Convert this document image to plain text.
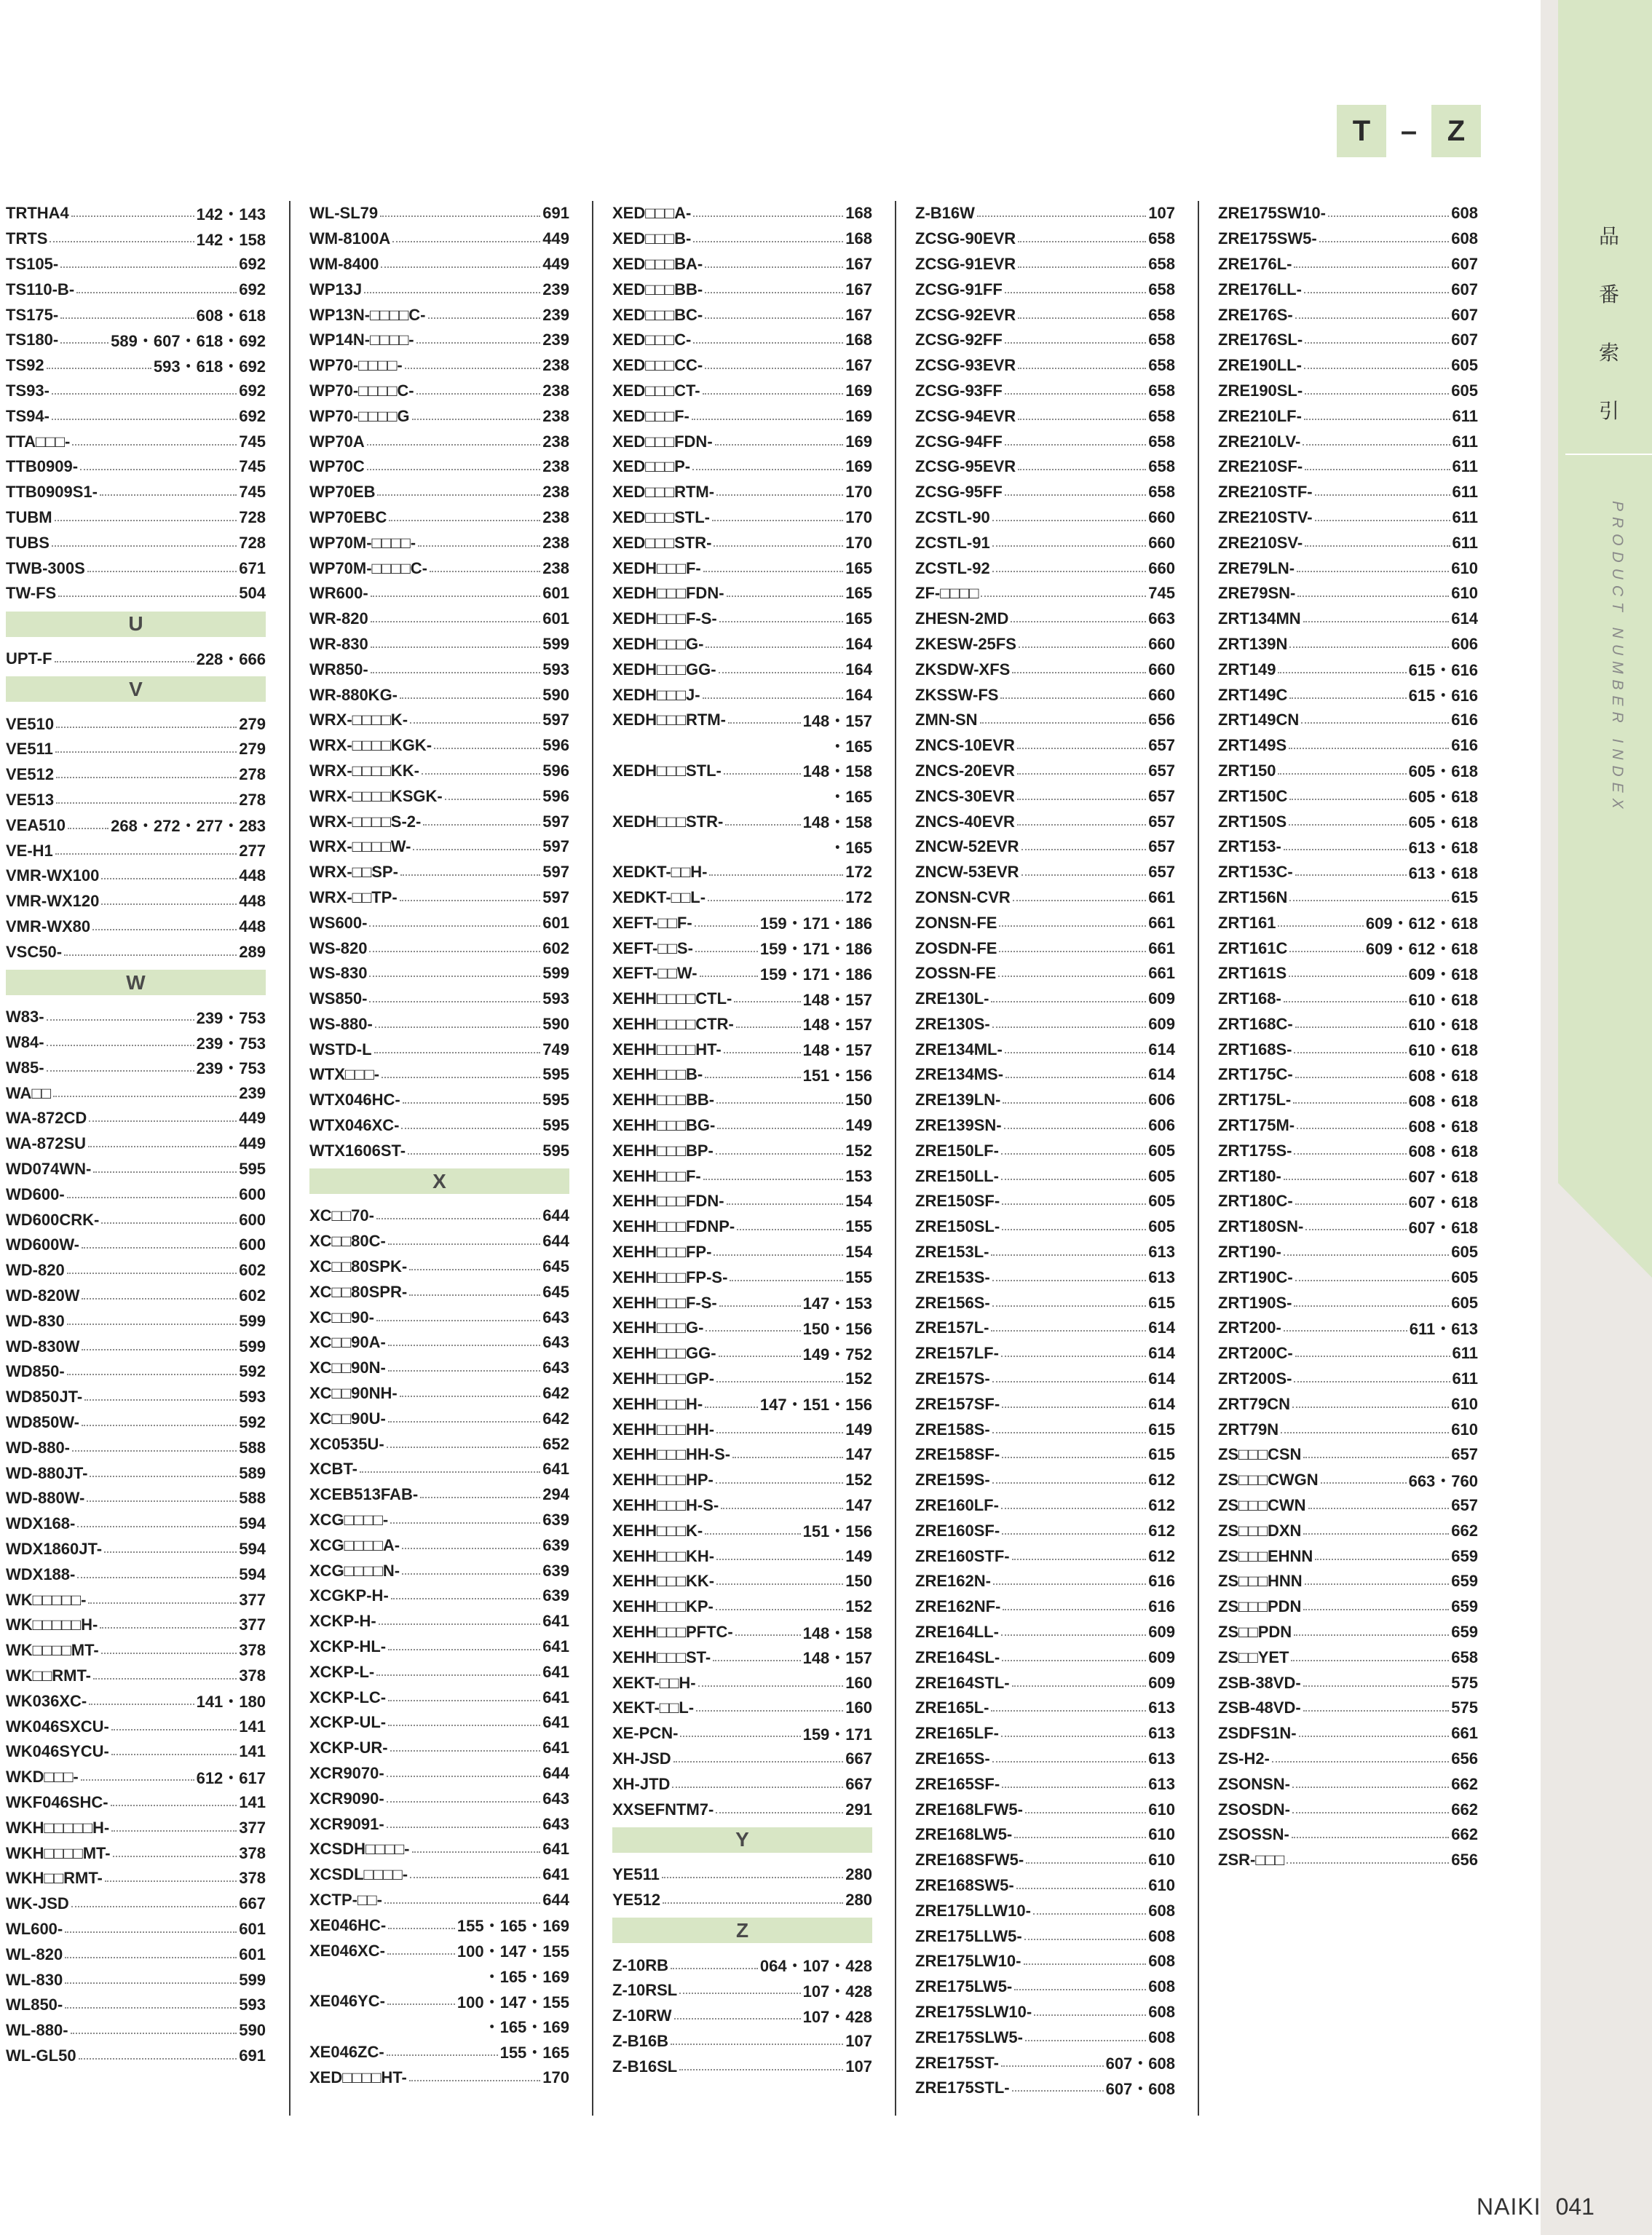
品
番
索
引
PRODUCT NUMBER INDEX
T	–	Z
TRTHA4	142・143
TRTS	142・158
TS105-	692
TS110-B-	692
TS175-	608・618
TS180-	589・607・618・692
TS92	593・618・692
TS93-	692
TS94-	692
TTA□□□-	745
TTB0909-	745
TTB0909S1-	745
TUBM	728
TUBS	728
TWB-300S	671
TW-FS	504
U
UPT-F	228・666
V
VE510	279
VE511	279
VE512	278
VE513	278
VEA510	268・272・277・283
VE-H1	277
VMR-WX100	448
VMR-WX120	448
VMR-WX80	448
VSC50-	289
W
W83-	239・753
W84-	239・753
W85-	239・753
WA□□	239
WA-872CD	449
WA-872SU	449
WD074WN-	595
WD600-	600
WD600CRK-	600
WD600W-	600
WD-820	602
WD-820W	602
WD-830	599
WD-830W	599
WD850-	592
WD850JT-	593
WD850W-	592
WD-880-	588
WD-880JT-	589
WD-880W-	588
WDX168-	594
WDX1860JT-	594
WDX188-	594
WK□□□□□-	377
WK□□□□□H-	377
WK□□□□MT-	378
WK□□RMT-	378
WK036XC-	141・180
WK046SXCU-	141
WK046SYCU-	141
WKD□□□-	612・617
WKF046SHC-	141
WKH□□□□□H-	377
WKH□□□□MT-	378
WKH□□RMT-	378
WK-JSD	667
WL600-	601
WL-820	601
WL-830	599
WL850-	593
WL-880-	590
WL-GL50	691
WL-SL79	691
WM-8100A	449
WM-8400	449
WP13J	239
WP13N-□□□□C-	239
WP14N-□□□□-	239
WP70-□□□□-	238
WP70-□□□□C-	238
WP70-□□□□G	238
WP70A	238
WP70C	238
WP70EB	238
WP70EBC	238
WP70M-□□□□-	238
WP70M-□□□□C-	238
WR600-	601
WR-820	601
WR-830	599
WR850-	593
WR-880KG-	590
WRX-□□□□K-	597
WRX-□□□□KGK-	596
WRX-□□□□KK-	596
WRX-□□□□KSGK-	596
WRX-□□□□S-2-	597
WRX-□□□□W-	597
WRX-□□SP-	597
WRX-□□TP-	597
WS600-	601
WS-820	602
WS-830	599
WS850-	593
WS-880-	590
WSTD-L	749
WTX□□□-	595
WTX046HC-	595
WTX046XC-	595
WTX1606ST-	595
X
XC□□70-	644
XC□□80C-	644
XC□□80SPK-	645
XC□□80SPR-	645
XC□□90-	643
XC□□90A-	643
XC□□90N-	643
XC□□90NH-	642
XC□□90U-	642
XC0535U-	652
XCBT-	641
XCEB513FAB-	294
XCG□□□□-	639
XCG□□□□A-	639
XCG□□□□N-	639
XCGKP-H-	639
XCKP-H-	641
XCKP-HL-	641
XCKP-L-	641
XCKP-LC-	641
XCKP-UL-	641
XCKP-UR-	641
XCR9070-	644
XCR9090-	643
XCR9091-	643
XCSDH□□□□-	641
XCSDL□□□□-	641
XCTP-□□-	644
XE046HC-	155・165・169
XE046XC-	100・147・155
・165・169
XE046YC-	100・147・155
・165・169
XE046ZC-	155・165
XED□□□□HT-	170
XED□□□A-	168
XED□□□B-	168
XED□□□BA-	167
XED□□□BB-	167
XED□□□BC-	167
XED□□□C-	168
XED□□□CC-	167
XED□□□CT-	169
XED□□□F-	169
XED□□□FDN-	169
XED□□□P-	169
XED□□□RTM-	170
XED□□□STL-	170
XED□□□STR-	170
XEDH□□□F-	165
XEDH□□□FDN-	165
XEDH□□□F-S-	165
XEDH□□□G-	164
XEDH□□□GG-	164
XEDH□□□J-	164
XEDH□□□RTM-	148・157
・165
XEDH□□□STL-	148・158
・165
XEDH□□□STR-	148・158
・165
XEDKT-□□H-	172
XEDKT-□□L-	172
XEFT-□□F-	159・171・186
XEFT-□□S-	159・171・186
XEFT-□□W-	159・171・186
XEHH□□□□CTL-	148・157
XEHH□□□□CTR-	148・157
XEHH□□□□HT-	148・157
XEHH□□□B-	151・156
XEHH□□□BB-	150
XEHH□□□BG-	149
XEHH□□□BP-	152
XEHH□□□F-	153
XEHH□□□FDN-	154
XEHH□□□FDNP-	155
XEHH□□□FP-	154
XEHH□□□FP-S-	155
XEHH□□□F-S-	147・153
XEHH□□□G-	150・156
XEHH□□□GG-	149・752
XEHH□□□GP-	152
XEHH□□□H-	147・151・156
XEHH□□□HH-	149
XEHH□□□HH-S-	147
XEHH□□□HP-	152
XEHH□□□H-S-	147
XEHH□□□K-	151・156
XEHH□□□KH-	149
XEHH□□□KK-	150
XEHH□□□KP-	152
XEHH□□□PFTC-	148・158
XEHH□□□ST-	148・157
XEKT-□□H-	160
XEKT-□□L-	160
XE-PCN-	159・171
XH-JSD	667
XH-JTD	667
XXSEFNTM7-	291
Y
YE511	280
YE512	280
Z
Z-10RB	064・107・428
Z-10RSL	107・428
Z-10RW	107・428
Z-B16B	107
Z-B16SL	107
Z-B16W	107
ZCSG-90EVR	658
ZCSG-91EVR	658
ZCSG-91FF	658
ZCSG-92EVR	658
ZCSG-92FF	658
ZCSG-93EVR	658
ZCSG-93FF	658
ZCSG-94EVR	658
ZCSG-94FF	658
ZCSG-95EVR	658
ZCSG-95FF	658
ZCSTL-90	660
ZCSTL-91	660
ZCSTL-92	660
ZF-□□□□	745
ZHESN-2MD	663
ZKESW-25FS	660
ZKSDW-XFS	660
ZKSSW-FS	660
ZMN-SN	656
ZNCS-10EVR	657
ZNCS-20EVR	657
ZNCS-30EVR	657
ZNCS-40EVR	657
ZNCW-52EVR	657
ZNCW-53EVR	657
ZONSN-CVR	661
ZONSN-FE	661
ZOSDN-FE	661
ZOSSN-FE	661
ZRE130L-	609
ZRE130S-	609
ZRE134ML-	614
ZRE134MS-	614
ZRE139LN-	606
ZRE139SN-	606
ZRE150LF-	605
ZRE150LL-	605
ZRE150SF-	605
ZRE150SL-	605
ZRE153L-	613
ZRE153S-	613
ZRE156S-	615
ZRE157L-	614
ZRE157LF-	614
ZRE157S-	614
ZRE157SF-	614
ZRE158S-	615
ZRE158SF-	615
ZRE159S-	612
ZRE160LF-	612
ZRE160SF-	612
ZRE160STF-	612
ZRE162N-	616
ZRE162NF-	616
ZRE164LL-	609
ZRE164SL-	609
ZRE164STL-	609
ZRE165L-	613
ZRE165LF-	613
ZRE165S-	613
ZRE165SF-	613
ZRE168LFW5-	610
ZRE168LW5-	610
ZRE168SFW5-	610
ZRE168SW5-	610
ZRE175LLW10-	608
ZRE175LLW5-	608
ZRE175LW10-	608
ZRE175LW5-	608
ZRE175SLW10-	608
ZRE175SLW5-	608
ZRE175ST-	607・608
ZRE175STL-	607・608
ZRE175SW10-	608
ZRE175SW5-	608
ZRE176L-	607
ZRE176LL-	607
ZRE176S-	607
ZRE176SL-	607
ZRE190LL-	605
ZRE190SL-	605
ZRE210LF-	611
ZRE210LV-	611
ZRE210SF-	611
ZRE210STF-	611
ZRE210STV-	611
ZRE210SV-	611
ZRE79LN-	610
ZRE79SN-	610
ZRT134MN	614
ZRT139N	606
ZRT149	615・616
ZRT149C	615・616
ZRT149CN	616
ZRT149S	616
ZRT150	605・618
ZRT150C	605・618
ZRT150S	605・618
ZRT153-	613・618
ZRT153C-	613・618
ZRT156N	615
ZRT161	609・612・618
ZRT161C	609・612・618
ZRT161S	609・618
ZRT168-	610・618
ZRT168C-	610・618
ZRT168S-	610・618
ZRT175C-	608・618
ZRT175L-	608・618
ZRT175M-	608・618
ZRT175S-	608・618
ZRT180-	607・618
ZRT180C-	607・618
ZRT180SN-	607・618
ZRT190-	605
ZRT190C-	605
ZRT190S-	605
ZRT200-	611・613
ZRT200C-	611
ZRT200S-	611
ZRT79CN	610
ZRT79N	610
ZS□□□CSN	657
ZS□□□CWGN	663・760
ZS□□□CWN	657
ZS□□□DXN	662
ZS□□□EHNN	659
ZS□□□HNN	659
ZS□□□PDN	659
ZS□□PDN	659
ZS□□YET	658
ZSB-38VD-	575
ZSB-48VD-	575
ZSDFS1N-	661
ZS-H2-	656
ZSONSN-	662
ZSOSDN-	662
ZSOSSN-	662
ZSR-□□□	656
NAIKI 041
